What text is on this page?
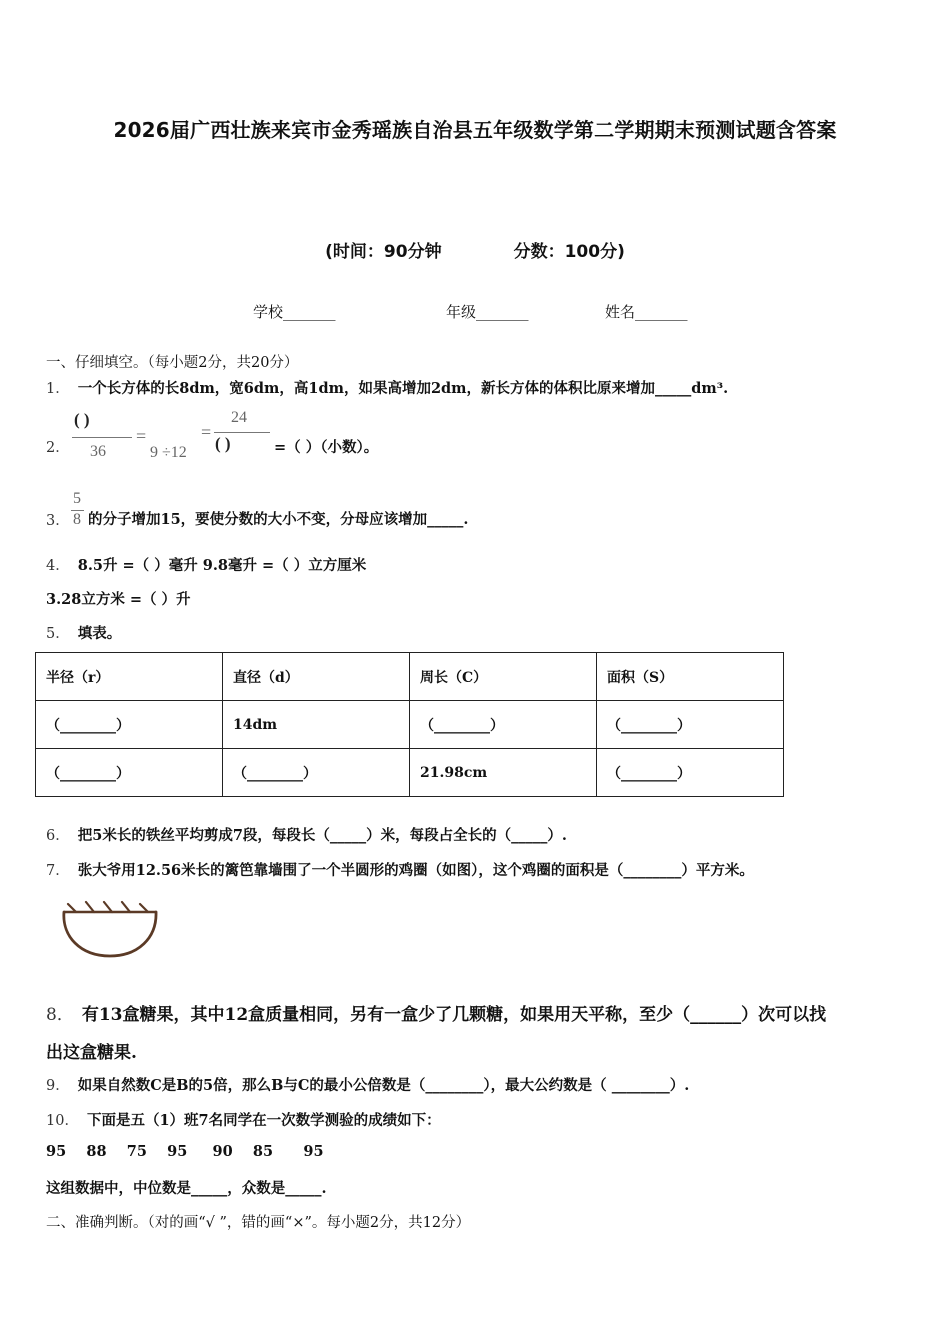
2026届广西壮族来宾市金秀瑶族自治县五年级数学第二学期期末预测试题含答案
(时间：90分钟	分数：100分)
学校_______	年级_______	姓名_______
一、仔细填空。（每小题2分，共20分）
1． 一个长方体的长8dm，宽6dm，高1dm，如果高增加2dm，新长方体的体积比原来增加_____dm³.
2．
( )
36
=
9 ÷12
=
24
( )	=（ ）（小数）。
3．
5
8 的分子增加15，要使分数的大小不变，分母应该增加_____.
4． 8.5升 =（ ）毫升 9.8毫升 =（ ）立方厘米
3.28立方米 =（ ）升
5． 填表。
半径（r）	直径（d）	周长（C）	面积（S）
（________）	14dm	（________）	（________）
（________）	（________）	21.98cm	（________）
6． 把5米长的铁丝平均剪成7段，每段长（_____）米，每段占全长的（_____）.
7． 张大爷用12.56米长的篱笆靠墙围了一个半圆形的鸡圈（如图），这个鸡圈的面积是（________）平方米。
8． 有13盒糖果，其中12盒质量相同，另有一盒少了几颗糖，如果用天平称，至少（______）次可以找
出这盒糖果.
9． 如果自然数C是B的5倍，那么B与C的最小公倍数是（________），最大公约数是（ ________）.
10． 下面是五（1）班7名同学在一次数学测验的成绩如下：
95    88    75    95     90    85      95
这组数据中，中位数是_____，众数是_____.
二、准确判断。（对的画“√ ”，错的画“×”。每小题2分，共12分）
